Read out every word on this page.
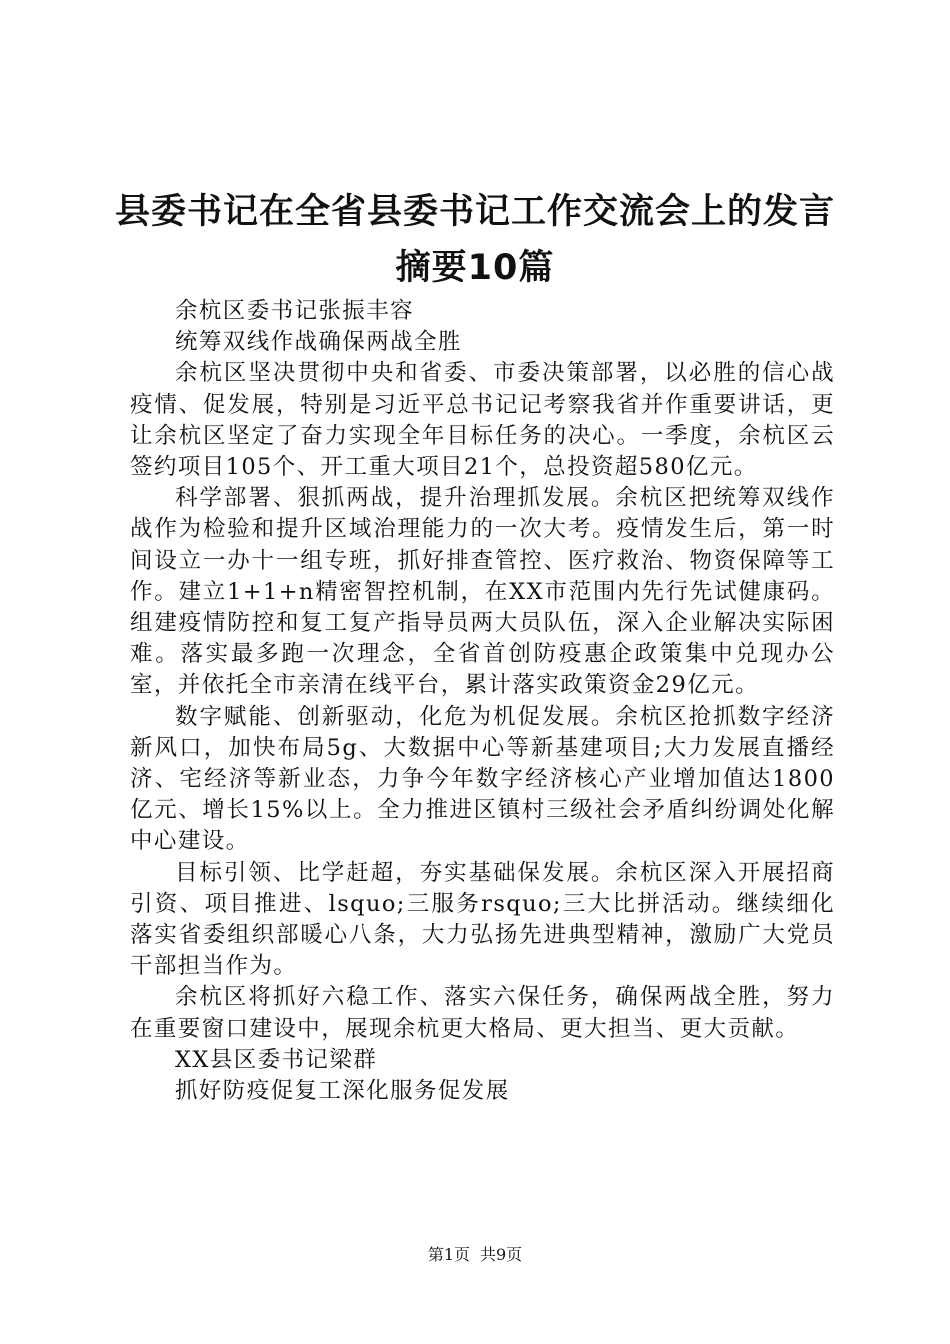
县委书记在全省县委书记工作交流会上的发言
摘要10篇

余杭区委书记张振丰容

统筹双线作战确保两战全胜

余杭区坚决贯彻中央和省委、市委决策部署，以必胜的信心战疫情、促发展，特别是习近平总书记记考察我省并作重要讲话，更让余杭区坚定了奋力实现全年目标任务的决心。一季度，余杭区云签约项目105个、开工重大项目21个，总投资超580亿元。

科学部署、狠抓两战，提升治理抓发展。余杭区把统筹双线作战作为检验和提升区域治理能力的一次大考。疫情发生后，第一时间设立一办十一组专班，抓好排查管控、医疗救治、物资保障等工作。建立1+1+n精密智控机制，在XX市范围内先行先试健康码。组建疫情防控和复工复产指导员两大员队伍，深入企业解决实际困难。落实最多跑一次理念，全省首创防疫惠企政策集中兑现办公室，并依托全市亲清在线平台，累计落实政策资金29亿元。

数字赋能、创新驱动，化危为机促发展。余杭区抢抓数字经济新风口，加快布局5g、大数据中心等新基建项目;大力发展直播经济、宅经济等新业态，力争今年数字经济核心产业增加值达1800亿元、增长15%以上。全力推进区镇村三级社会矛盾纠纷调处化解中心建设。

目标引领、比学赶超，夯实基础保发展。余杭区深入开展招商引资、项目推进、lsquo;三服务rsquo;三大比拼活动。继续细化落实省委组织部暖心八条，大力弘扬先进典型精神，激励广大党员干部担当作为。

余杭区将抓好六稳工作、落实六保任务，确保两战全胜，努力在重要窗口建设中，展现余杭更大格局、更大担当、更大贡献。

XX县区委书记梁群

抓好防疫促复工深化服务促发展

第1页 共9页
